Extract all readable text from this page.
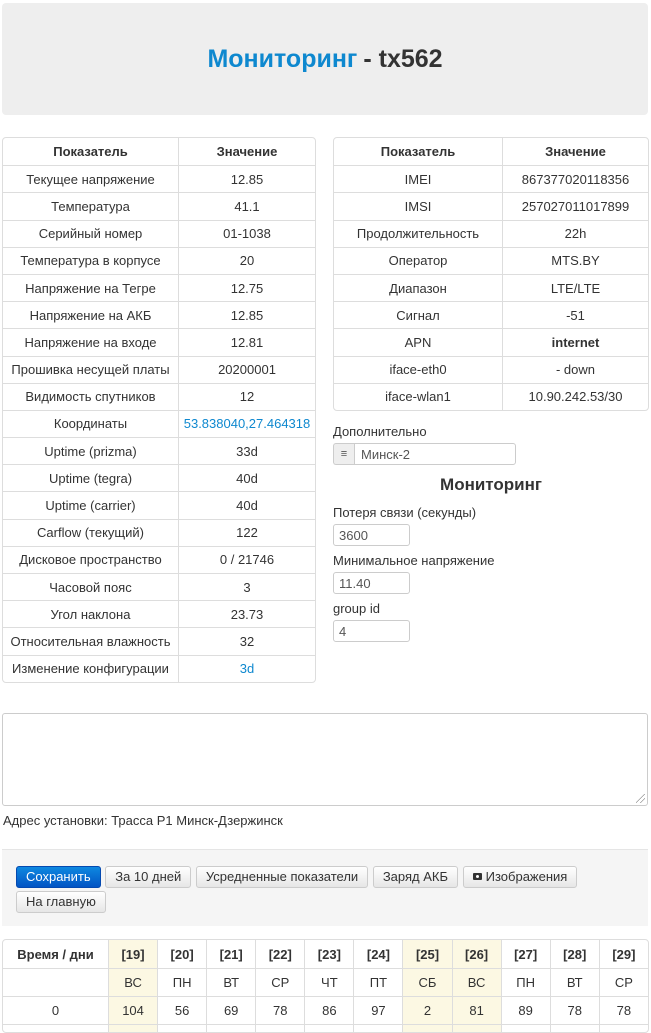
Мониторинг - tx562
Показатель	Значение
Текущее напряжение	12.85
Температура	41.1
Серийный номер	01-1038
Температура в корпусе	20
Напряжение на Тегре	12.75
Напряжение на АКБ	12.85
Напряжение на входе	12.81
Прошивка несущей платы	20200001
Видимость спутников	12
Координаты	53.838040,27.464318
Uptime (prizma)	33d
Uptime (tegra)	40d
Uptime (carrier)	40d
Carflow (текущий)	122
Дисковое пространство	0 / 21746
Часовой пояс	3
Угол наклона	23.73
Относительная влажность	32
Изменение конфигурации	3d
Показатель	Значение
IMEI	867377020118356
IMSI	257027011017899
Продолжительность	22h
Оператор	MTS.BY
Диапазон	LTE/LTE
Сигнал	-51
APN	internet
iface-eth0	- down
iface-wlan1	10.90.242.53/30
Дополнительно
≡	Минск-2
Мониторинг
Потеря связи (секунды)
3600
Минимальное напряжение
11.40
group id
4
Адрес установки: Трасса Р1 Минск-Дзержинск
Сохранить За 10 дней Усредненные показатели Заряд АКБ	Изображения
На главную
Время / дни	[19]	[20]	[21]	[22]	[23]	[24]	[25]	[26]	[27]	[28]	[29]
	ВС	ПН	ВТ	СР	ЧТ	ПТ	СБ	ВС	ПН	ВТ	СР
0	104	56	69	78	86	97	2	81	89	78	78
